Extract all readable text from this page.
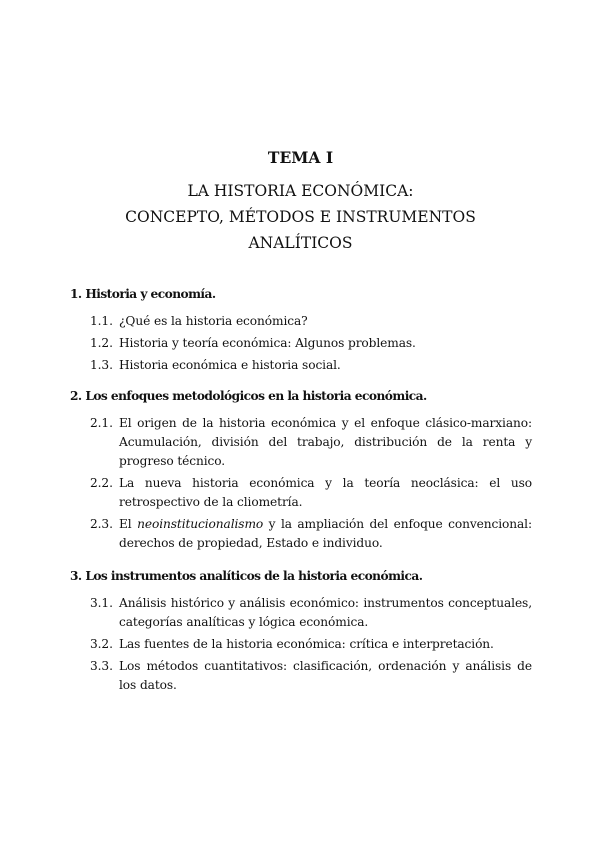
TEMA I
LA HISTORIA ECONÓMICA:
CONCEPTO, MÉTODOS E INSTRUMENTOS
ANALÍTICOS
1. Historia y economía.
1.1. ¿Qué es la historia económica?
1.2. Historia y teoría económica: Algunos problemas.
1.3. Historia económica e historia social.
2. Los enfoques metodológicos en la historia económica.
2.1. El origen de la historia económica y el enfoque clásico-marxiano: Acumulación, división del trabajo, distribución de la renta y progreso técnico.
2.2. La nueva historia económica y la teoría neoclásica: el uso retrospectivo de la cliometría.
2.3. El neoinstitucionalismo y la ampliación del enfoque convencional: derechos de propiedad, Estado e individuo.
3. Los instrumentos analíticos de la historia económica.
3.1. Análisis histórico y análisis económico: instrumentos conceptuales, categorías analíticas y lógica económica.
3.2. Las fuentes de la historia económica: crítica e interpretación.
3.3. Los métodos cuantitativos: clasificación, ordenación y análisis de los datos.
